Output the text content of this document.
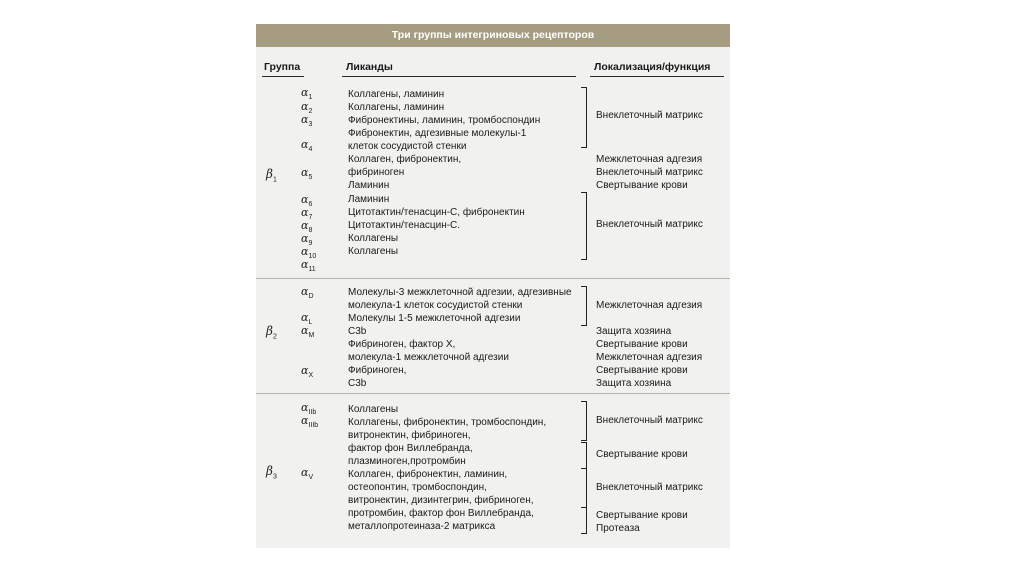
Три группы интегриновых рецепторов
Группа	Ликанды	Локализация/функция
$\beta_1$
$\alpha_1$
$\alpha_2$
$\alpha_3$
$\alpha_4$
$\alpha_5$
$\alpha_6$
$\alpha_7$
$\alpha_8$
$\alpha_9$
$\alpha_{10}$
$\alpha_{11}$
Коллагены, ламинин
Коллагены, ламинин
Фибронектины, ламинин, тромбоспондин
Фибронектин, адгезивные молекулы-1
клеток сосудистой стенки
Коллаген, фибронектин,
фибриноген
Ламинин
Ламинин
Цитотактин/тенасцин-С, фибронектин
Цитотактин/тенасцин-С.
Коллагены
Коллагены
Внеклеточный матрикс
Межклеточная адгезия
Внеклеточный матрикс
Свертывание крови
Внеклеточный матрикс
$\beta_2$
$\alpha_D$
$\alpha_L$
$\alpha_M$
$\alpha_X$
Молекулы-3 межклеточной адгезии, адгезивные
молекула-1 клеток сосудистой стенки
Молекулы 1-5 межклеточной адгезии
C3b
Фибриноген, фактор X,
молекула-1 межклеточной адгезии
Фибриноген,
C3b
Межклеточная адгезия
Защита хозяина
Свертывание крови
Межклеточная адгезия
Свертывание крови
Защита хозяина
$\beta_3$
$\alpha_{IIb}$
$\alpha_{IIIb}$
$\alpha_V$
Коллагены
Коллагены, фибронектин, тромбоспондин,
витронектин, фибриноген,
фактор фон Виллебранда,
плазминоген,протромбин
Коллаген, фибронектин, ламинин,
остеопонтин, тромбоспондин,
витронектин, дизинтегрин, фибриноген,
протромбин, фактор фон Виллебранда,
металлопротеиназа-2 матрикса
Внеклеточный матрикс
Свертывание крови
Внеклеточный матрикс
Свертывание крови
Протеаза
